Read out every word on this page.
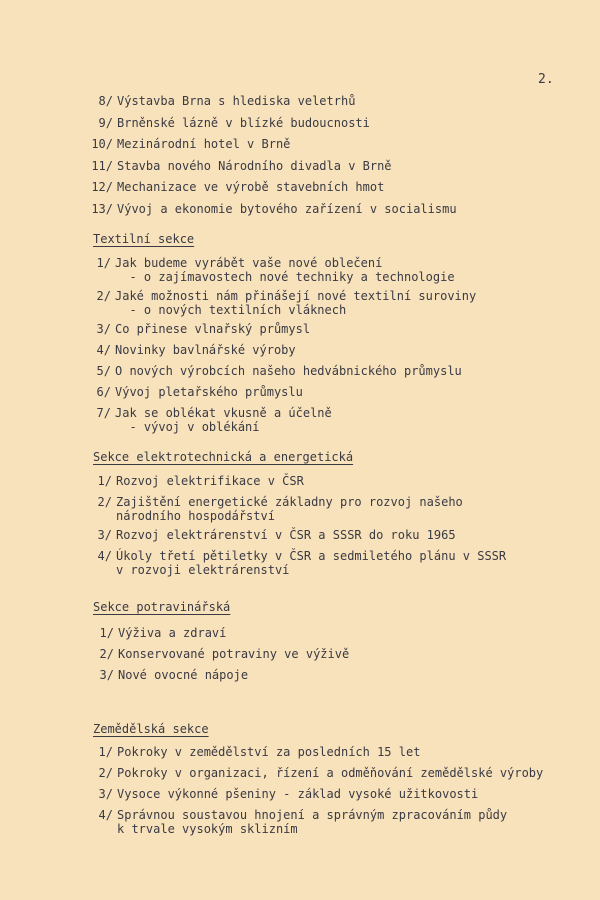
2.
8/ Výstavba Brna s hlediska veletrhů
9/ Brněnské lázně v blízké budoucnosti
10/ Mezinárodní hotel v Brně
11/ Stavba nového Národního divadla v Brně
12/ Mechanizace ve výrobě stavebních hmot
13/ Vývoj a ekonomie bytového zařízení v socialismu
Textilní sekce
1/ Jak budeme vyrábět vaše nové oblečení
- o zajímavostech nové techniky a technologie
2/ Jaké možnosti nám přinášejí nové textilní suroviny
- o nových textilních vláknech
3/ Co přinese vlnařský průmysl
4/ Novinky bavlnářské výroby
5/ O nových výrobcích našeho hedvábnického průmyslu
6/ Vývoj pletařského průmyslu
7/ Jak se oblékat vkusně a účelně
- vývoj v oblékání
Sekce elektrotechnická a energetická
1/ Rozvoj elektrifikace v ČSR
2/ Zajištění energetické základny pro rozvoj našeho
národního hospodářství
3/ Rozvoj elektrárenství v ČSR a SSSR do roku 1965
4/ Úkoly třetí pětiletky v ČSR a sedmiletého plánu v SSSR
v rozvoji elektrárenství
Sekce potravinářská
1/ Výživa a zdraví
2/ Konservované potraviny ve výživě
3/ Nové ovocné nápoje
Zemědělská sekce
1/ Pokroky v zemědělství za posledních 15 let
2/ Pokroky v organizaci, řízení a odměňování zemědělské výroby
3/ Vysoce výkonné pšeniny - základ vysoké užitkovosti
4/ Správnou soustavou hnojení a správným zpracováním půdy
k trvale vysokým sklizním
